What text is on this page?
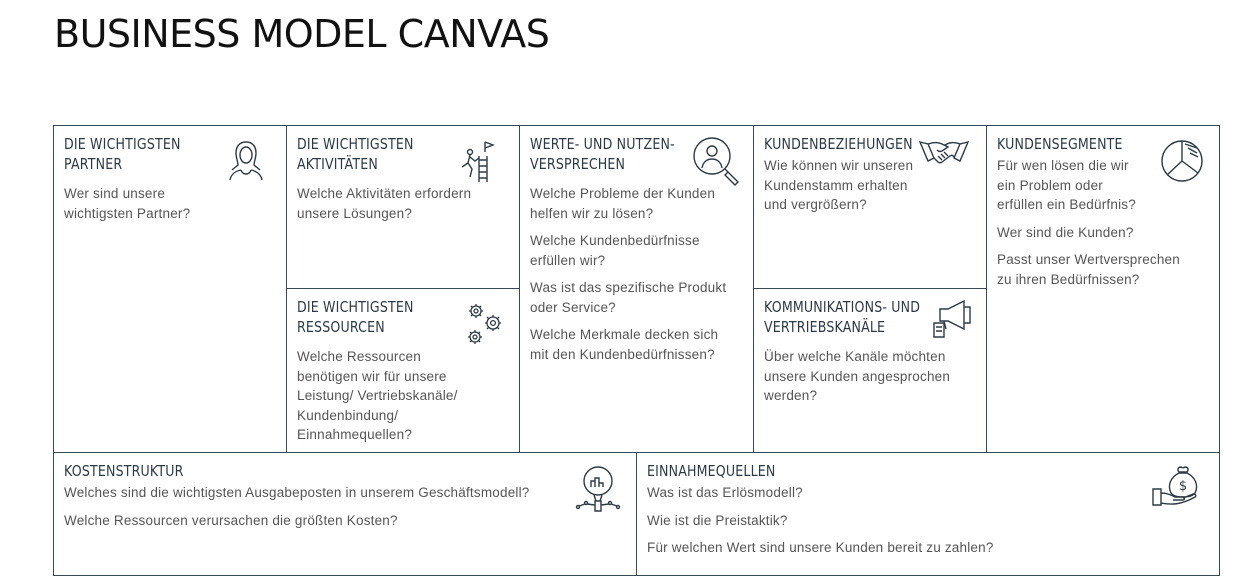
BUSINESS MODEL CANVAS
DIE WICHTIGSTEN
PARTNER
Wer sind unsere
wichtigsten Partner?
DIE WICHTIGSTEN
AKTIVITÄTEN
Welche Aktivitäten erfordern
unsere Lösungen?
DIE WICHTIGSTEN
RESSOURCEN
Welche Ressourcen
benötigen wir für unsere
Leistung/ Vertriebskanäle/
Kundenbindung/
Einnahmequellen?
WERTE- UND NUTZEN-
VERSPRECHEN
Welche Probleme der Kunden
helfen wir zu lösen?
Welche Kundenbedürfnisse
erfüllen wir?
Was ist das spezifische Produkt
oder Service?
Welche Merkmale decken sich
mit den Kundenbedürfnissen?
KUNDENBEZIEHUNGEN
Wie können wir unseren
Kundenstamm erhalten
und vergrößern?
KOMMUNIKATIONS- UND
VERTRIEBSKANÄLE
Über welche Kanäle möchten
unsere Kunden angesprochen
werden?
KUNDENSEGMENTE
Für wen lösen die wir
ein Problem oder
erfüllen ein Bedürfnis?
Wer sind die Kunden?
Passt unser Wertversprechen
zu ihren Bedürfnissen?
KOSTENSTRUKTUR
Welches sind die wichtigsten Ausgabeposten in unserem Geschäftsmodell?
Welche Ressourcen verursachen die größten Kosten?
EINNAHMEQUELLEN
Was ist das Erlösmodell?
Wie ist die Preistaktik?
Für welchen Wert sind unsere Kunden bereit zu zahlen?
$
